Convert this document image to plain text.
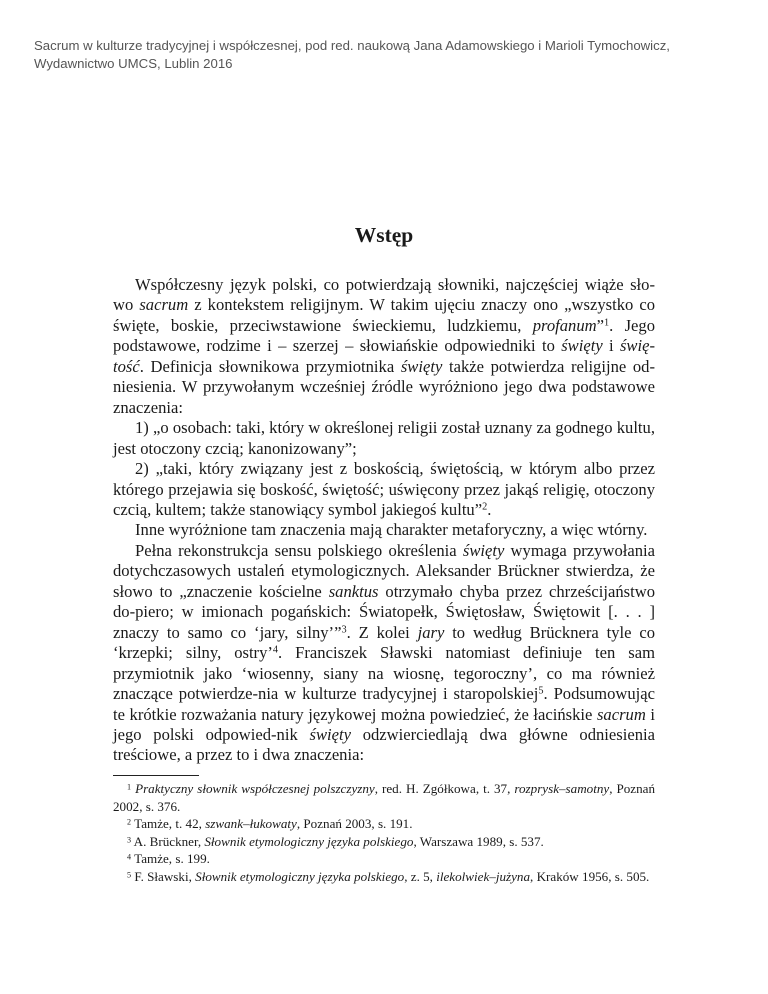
Sacrum w kulturze tradycyjnej i współczesnej, pod red. naukową Jana Adamowskiego i Marioli Tymochowicz,
Wydawnictwo UMCS, Lublin 2016
Wstęp

Współczesny język polski, co potwierdzają słowniki, najczęściej wiąże sło-wo sacrum z kontekstem religijnym. W takim ujęciu znaczy ono „wszystko co święte, boskie, przeciwstawione świeckiemu, ludzkiemu, profanum”$^1$. Jego podstawowe, rodzime i – szerzej – słowiańskie odpowiedniki to święty i świę-tość. Definicja słownikowa przymiotnika święty także potwierdza religijne od-niesienia. W przywołanym wcześniej źródle wyróżniono jego dwa podstawowe znaczenia:

1) „o osobach: taki, który w określonej religii został uznany za godnego kultu, jest otoczony czcią; kanonizowany”;

2) „taki, który związany jest z boskością, świętością, w którym albo przez którego przejawia się boskość, świętość; uświęcony przez jakąś religię, otoczony czcią, kultem; także stanowiący symbol jakiegoś kultu”$^2$.

Inne wyróżnione tam znaczenia mają charakter metaforyczny, a więc wtórny.

Pełna rekonstrukcja sensu polskiego określenia święty wymaga przywołania dotychczasowych ustaleń etymologicznych. Aleksander Brückner stwierdza, że słowo to „znaczenie kościelne sanktus otrzymało chyba przez chrześcijaństwo do-piero; w imionach pogańskich: Światopełk, Świętosław, Świętowit [. . . ] znaczy to samo co ‘jary, silny’”$^3$. Z kolei jary to według Brücknera tyle co ‘krzepki; silny, ostry’$^4$. Franciszek Sławski natomiast definiuje ten sam przymiotnik jako ‘wiosenny, siany na wiosnę, tegoroczny’, co ma również znaczące potwierdze-nia w kulturze tradycyjnej i staropolskiej$^5$. Podsumowując te krótkie rozważania natury językowej można powiedzieć, że łacińskie sacrum i jego polski odpowied-nik święty odzwierciedlają dwa główne odniesienia treściowe, a przez to i dwa znaczenia:

$^1$ Praktyczny słownik współczesnej polszczyzny, red. H. Zgółkowa, t. 37, rozprysk–samotny, Poznań 2002, s. 376.

$^2$ Tamże, t. 42, szwank–łukowaty, Poznań 2003, s. 191.

$^3$ A. Brückner, Słownik etymologiczny języka polskiego, Warszawa 1989, s. 537.

$^4$ Tamże, s. 199.

$^5$ F. Sławski, Słownik etymologiczny języka polskiego, z. 5, ilekolwiek–jużyna, Kraków 1956, s. 505.
